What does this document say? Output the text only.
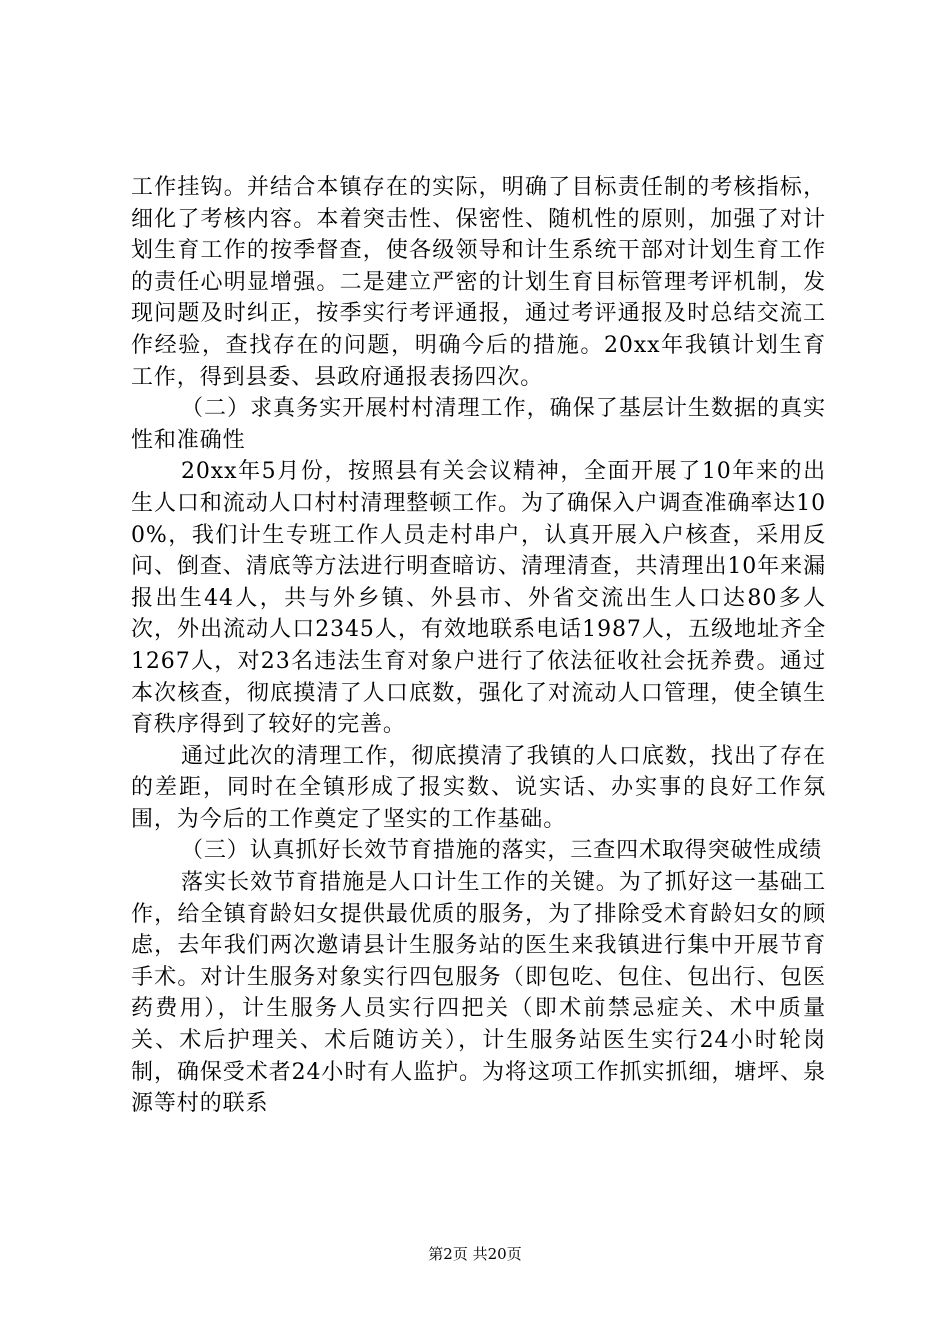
工作挂钩。并结合本镇存在的实际，明确了目标责任制的考核指标，细化了考核内容。本着突击性、保密性、随机性的原则，加强了对计划生育工作的按季督查，使各级领导和计生系统干部对计划生育工作的责任心明显增强。二是建立严密的计划生育目标管理考评机制，发现问题及时纠正，按季实行考评通报，通过考评通报及时总结交流工作经验，查找存在的问题，明确今后的措施。20xx年我镇计划生育工作，得到县委、县政府通报表扬四次。

（二）求真务实开展村村清理工作，确保了基层计生数据的真实性和准确性

20xx年5月份，按照县有关会议精神，全面开展了10年来的出生人口和流动人口村村清理整顿工作。为了确保入户调查准确率达100%，我们计生专班工作人员走村串户，认真开展入户核查，采用反问、倒查、清底等方法进行明查暗访、清理清查，共清理出10年来漏报出生44人，共与外乡镇、外县市、外省交流出生人口达80多人次，外出流动人口2345人，有效地联系电话1987人，五级地址齐全1267人，对23名违法生育对象户进行了依法征收社会抚养费。通过本次核查，彻底摸清了人口底数，强化了对流动人口管理，使全镇生育秩序得到了较好的完善。

通过此次的清理工作，彻底摸清了我镇的人口底数，找出了存在的差距，同时在全镇形成了报实数、说实话、办实事的良好工作氛围，为今后的工作奠定了坚实的工作基础。

（三）认真抓好长效节育措施的落实，三查四术取得突破性成绩

落实长效节育措施是人口计生工作的关键。为了抓好这一基础工作，给全镇育龄妇女提供最优质的服务，为了排除受术育龄妇女的顾虑，去年我们两次邀请县计生服务站的医生来我镇进行集中开展节育手术。对计生服务对象实行四包服务（即包吃、包住、包出行、包医药费用），计生服务人员实行四把关（即术前禁忌症关、术中质量关、术后护理关、术后随访关），计生服务站医生实行24小时轮岗制，确保受术者24小时有人监护。为将这项工作抓实抓细，塘坪、泉源等村的联系

第2页 共20页
